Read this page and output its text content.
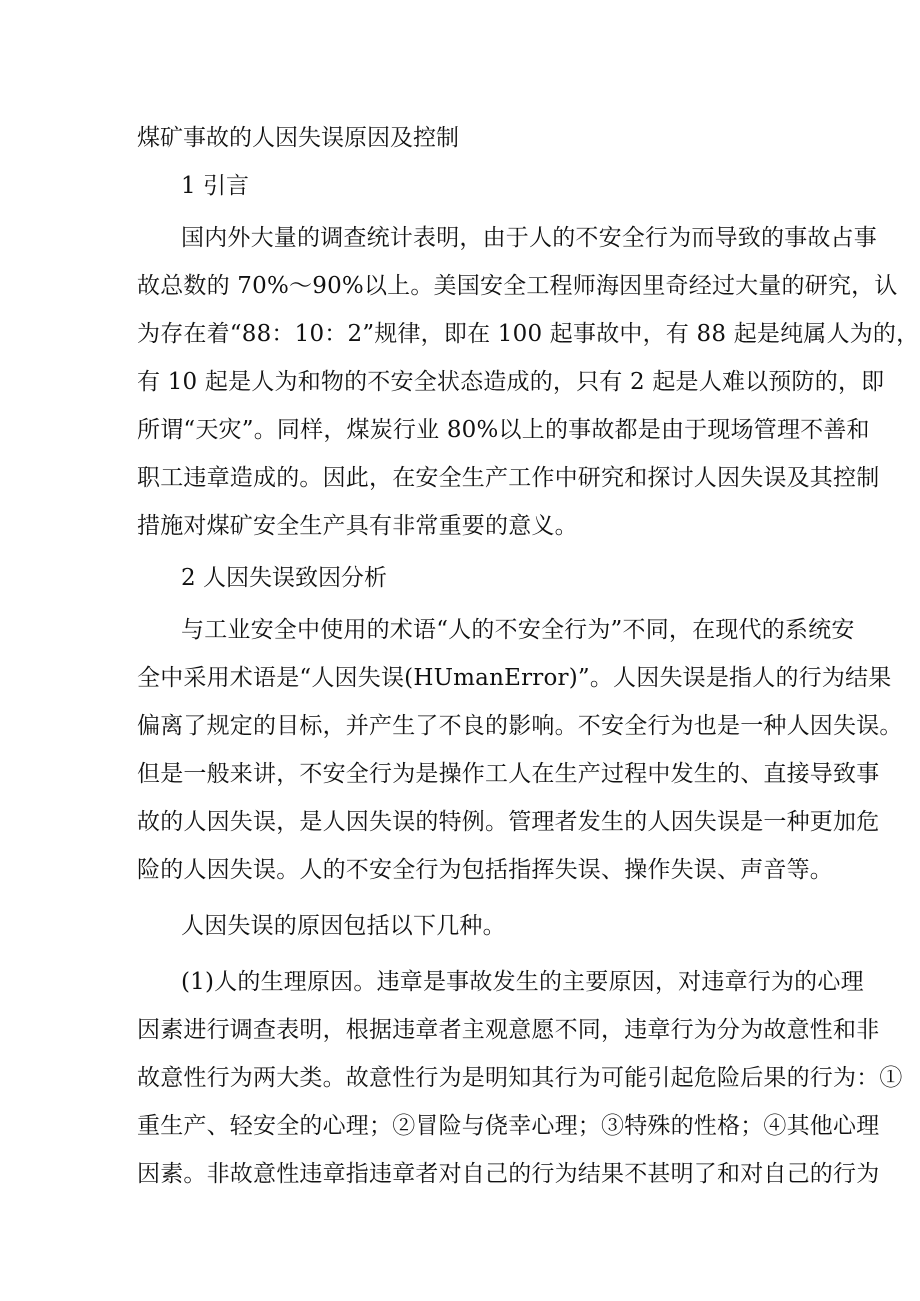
煤矿事故的人因失误原因及控制
1 引言
国内外大量的调查统计表明，由于人的不安全行为而导致的事故占事
故总数的 70%～90%以上。美国安全工程师海因里奇经过大量的研究，认
为存在着“88：10：2”规律，即在 100 起事故中，有 88 起是纯属人为的，
有 10 起是人为和物的不安全状态造成的，只有 2 起是人难以预防的，即
所谓“天灾”。同样，煤炭行业 80%以上的事故都是由于现场管理不善和
职工违章造成的。因此，在安全生产工作中研究和探讨人因失误及其控制
措施对煤矿安全生产具有非常重要的意义。
2 人因失误致因分析
与工业安全中使用的术语“人的不安全行为”不同，在现代的系统安
全中采用术语是“人因失误(HUmanError)”。人因失误是指人的行为结果
偏离了规定的目标，并产生了不良的影响。不安全行为也是一种人因失误。
但是一般来讲，不安全行为是操作工人在生产过程中发生的、直接导致事
故的人因失误，是人因失误的特例。管理者发生的人因失误是一种更加危
险的人因失误。人的不安全行为包括指挥失误、操作失误、声音等。
人因失误的原因包括以下几种。
(1)人的生理原因。违章是事故发生的主要原因，对违章行为的心理
因素进行调查表明，根据违章者主观意愿不同，违章行为分为故意性和非
故意性行为两大类。故意性行为是明知其行为可能引起危险后果的行为：①
重生产、轻安全的心理；②冒险与侥幸心理；③特殊的性格；④其他心理
因素。非故意性违章指违章者对自己的行为结果不甚明了和对自己的行为
